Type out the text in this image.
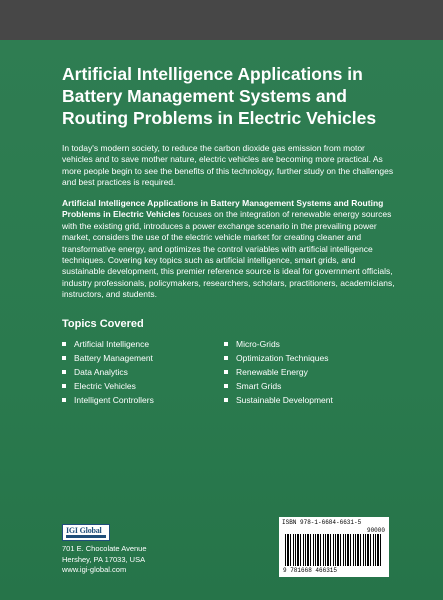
Artificial Intelligence Applications in Battery Management Systems and Routing Problems in Electric Vehicles

In today's modern society, to reduce the carbon dioxide gas emission from motor vehicles and to save mother nature, electric vehicles are becoming more practical. As more people begin to see the benefits of this technology, further study on the challenges and best practices is required.

Artificial Intelligence Applications in Battery Management Systems and Routing Problems in Electric Vehicles focuses on the integration of renewable energy sources with the existing grid, introduces a power exchange scenario in the prevailing power market, considers the use of the electric vehicle market for creating cleaner and transformative energy, and optimizes the control variables with artificial intelligence techniques. Covering key topics such as artificial intelligence, smart grids, and sustainable development, this premier reference source is ideal for government officials, industry professionals, policymakers, researchers, scholars, practitioners, academicians, instructors, and students.

Topics Covered
Artificial Intelligence
Battery Management
Data Analytics
Electric Vehicles
Intelligent Controllers
Micro-Grids
Optimization Techniques
Renewable Energy
Smart Grids
Sustainable Development
IGI Global

701 E. Chocolate Avenue
Hershey, PA 17033, USA
www.igi-global.com

ISBN 978-1-6684-6631-5
90000
9 781668 466315
